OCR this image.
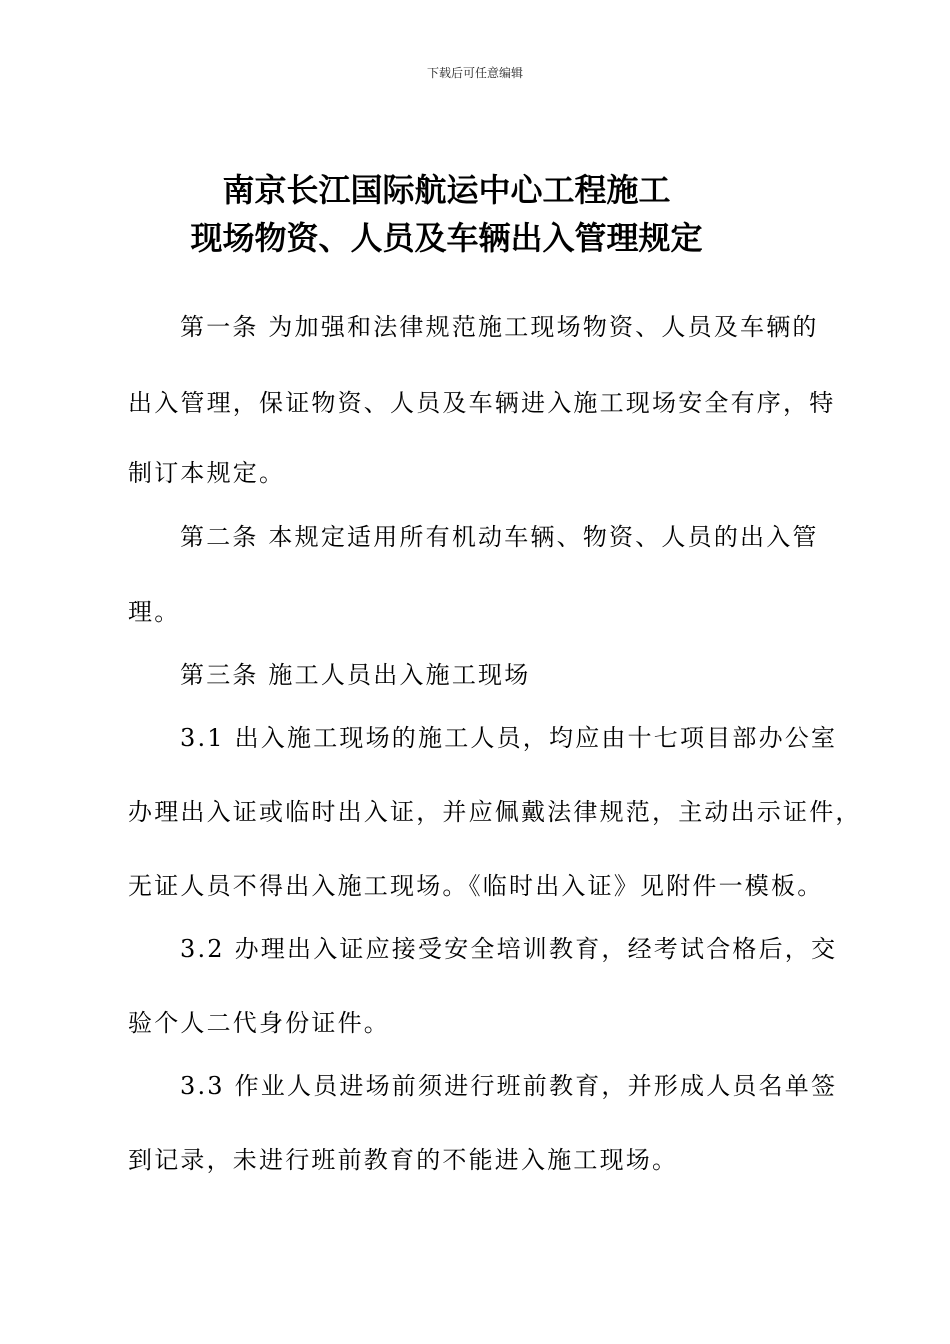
下载后可任意编辑
南京长江国际航运中心工程施工
现场物资、人员及车辆出入管理规定
第一条 为加强和法律规范施工现场物资、人员及车辆的
出入管理，保证物资、人员及车辆进入施工现场安全有序，特
制订本规定。
第二条 本规定适用所有机动车辆、物资、人员的出入管
理。
第三条 施工人员出入施工现场
3.1 出入施工现场的施工人员，均应由十七项目部办公室
办理出入证或临时出入证，并应佩戴法律规范，主动出示证件，
无证人员不得出入施工现场。《临时出入证》见附件一模板。
3.2 办理出入证应接受安全培训教育，经考试合格后，交
验个人二代身份证件。
3.3 作业人员进场前须进行班前教育，并形成人员名单签
到记录，未进行班前教育的不能进入施工现场。
